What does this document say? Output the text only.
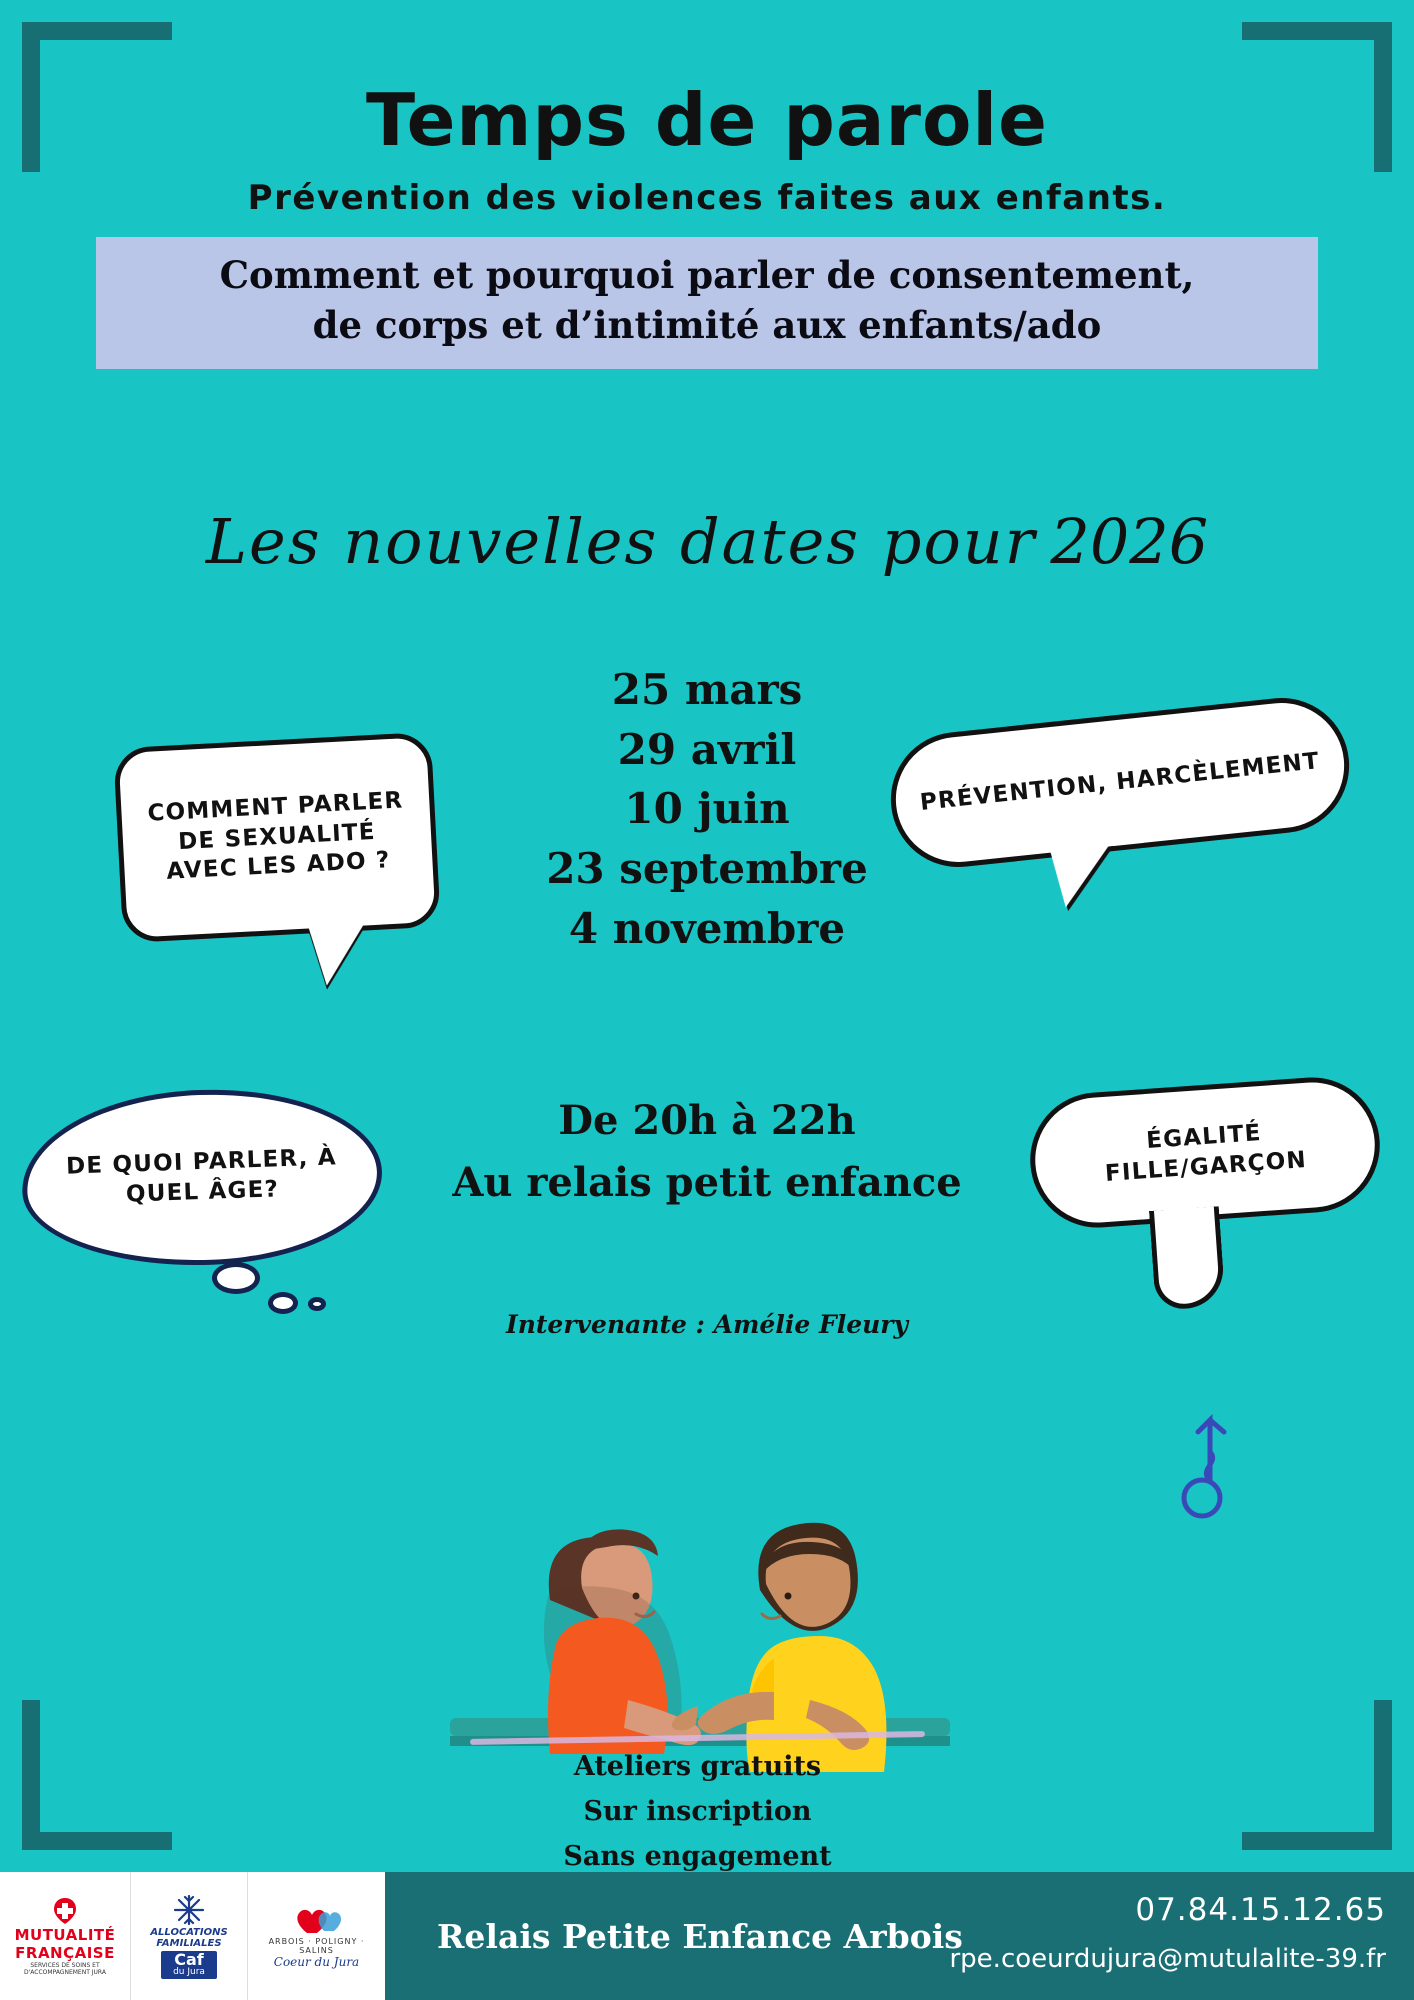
Temps de parole
Prévention des violences faites aux enfants.
Comment et pourquoi parler de consentement,
de corps et d’intimité aux enfants/ado
Les nouvelles dates pour 2026
25 mars
29 avril
10 juin
23 septembre
4 novembre
De 20h à 22h
Au relais petit enfance
Intervenante : Amélie Fleury
COMMENT PARLER DE SEXUALITÉ AVEC LES ADO ?
PRÉVENTION, HARCÈLEMENT
ÉGALITÉ FILLE/GARÇON
DE QUOI PARLER, À QUEL ÂGE?
Ateliers gratuits
Sur inscription
Sans engagement
MUTUALITÉ
FRANÇAISE
SERVICES DE SOINS ET D'ACCOMPAGNEMENT JURA
ALLOCATIONS
FAMILIALES
Caf
du Jura
ARBOIS · POLIGNY · SALINS
Coeur du Jura
Relais Petite Enfance Arbois
07.84.15.12.65
rpe.coeurdujura@mutulalite-39.fr
